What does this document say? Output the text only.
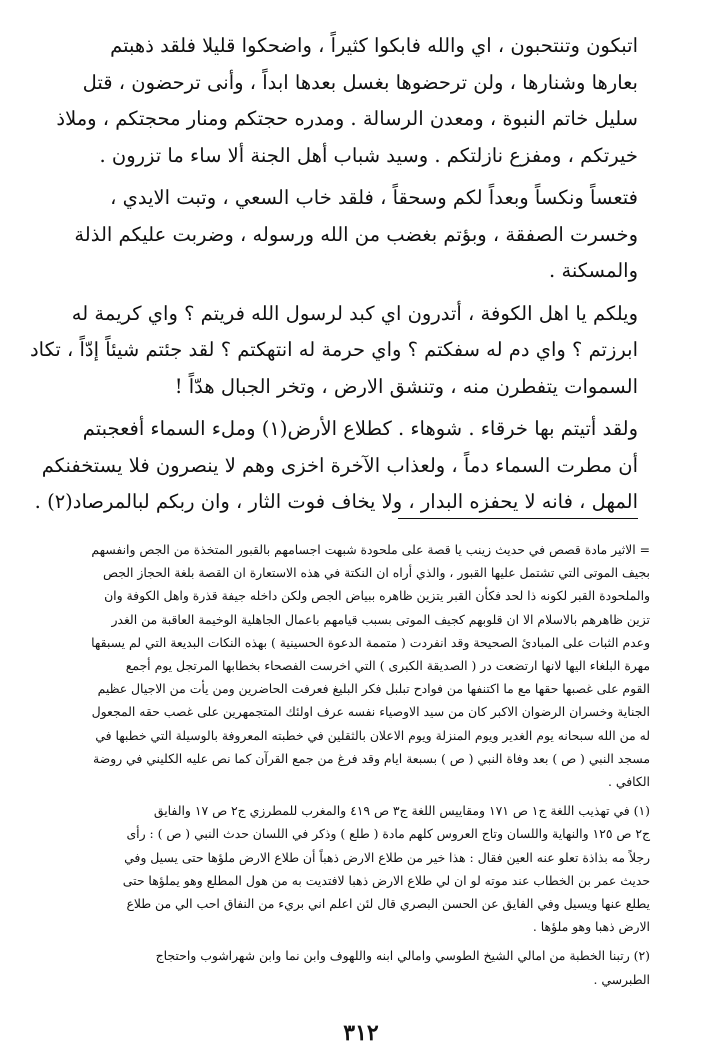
اتبكون وتنتحبون ، اي والله فابكوا كثيراً ، واضحكوا قليلا فلقد ذهبتم
بعارها وشنارها ، ولن ترحضوها بغسل بعدها ابداً ، وأنى ترحضون ، قتل
سليل خاتم النبوة ، ومعدن الرسالة . ومدره حجتكم ومنار محجتكم ، وملاذ
خيرتكم ، ومفزع نازلتكم . وسيد شباب أهل الجنة ألا ساء ما تزرون .

فتعساً ونكساً وبعداً لكم وسحقاً ، فلقد خاب السعي ، وتبت الايدي ،
وخسرت الصفقة ، وبؤتم بغضب من الله ورسوله ، وضربت عليكم الذلة
والمسكنة .

ويلكم يا اهل الكوفة ، أتدرون اي كبد لرسول الله فريتم ؟ واي كريمة له
ابرزتم ؟ واي دم له سفكتم ؟ واي حرمة له انتهكتم ؟ لقد جئتم شيئاً إدّاً ، تكاد
السموات يتفطرن منه ، وتنشق الارض ، وتخر الجبال هدّاً !

ولقد أتيتم بها خرقاء . شوهاء . كطلاع الأرض(١) وملء السماء أفعجبتم
أن مطرت السماء دماً ، ولعذاب الآخرة اخزى وهم لا ينصرون فلا يستخفنكم
المهل ، فانه لا يحفزه البدار ، ولا يخاف فوت الثار ، وان ربكم لبالمرصاد(٢) .

= الاثير مادة قصص في حديث زينب يا قصة على ملحودة شبهت اجسامهم بالقبور المتخذة من الجص وانفسهم
بجيف الموتى التي تشتمل عليها القبور ، والذي أراه ان النكتة في هذه الاستعارة ان القصة بلغة الحجاز الجص
والملحودة القبر لكونه ذا لحد فكأن القبر يتزين ظاهره ببياض الجص ولكن داخله جيفة قذرة واهل الكوفة وان
تزين ظاهرهم بالاسلام الا ان قلوبهم كجيف الموتى بسبب قيامهم باعمال الجاهلية الوخيمة العاقبة من الغدر
وعدم الثبات على المبادئ الصحيحة وقد انفردت ( متممة الدعوة الحسينية ) بهذه النكات البديعة التي لم يسبقها
مهرة البلغاء اليها لانها ارتضعت در ( الصديقة الكبرى ) التي اخرست الفصحاء بخطابها المرتجل يوم أجمع
القوم على غصبها حقها مع ما اكتنفها من فوادح تبلبل فكر البليغ فعرفت الحاضرين ومن يأت من الاجيال عظيم
الجناية وخسران الرضوان الاكبر كان من سيد الاوصياء نفسه عرف اولئك المتجمهرين على غصب حقه المجعول
له من الله سبحانه يوم الغدير ويوم المنزلة ويوم الاعلان بالثقلين في خطبته المعروفة بالوسيلة التي خطبها في
مسجد النبي ( ص ) بعد وفاة النبي ( ص ) بسبعة ايام وقد فرغ من جمع القرآن كما نص عليه الكليني في روضة
الكافي .
(١) في تهذيب اللغة ج١ ص ١٧١ ومقاييس اللغة ج٣ ص ٤١٩ والمغرب للمطرزي ج٢ ص ١٧ والفايق
ج٢ ص ١٢٥ والنهاية واللسان وتاج العروس كلهم مادة ( طلع ) وذكر في اللسان حدث النبي ( ص ) : رأى
رجلاً مه بذاذة تعلو عنه العين فقال : هذا خير من طلاع الارض ذهباً أن طلاع الارض ملؤها حتى يسيل وفي
حديث عمر بن الخطاب عند موته لو ان لي طلاع الارض ذهبا لافتديت به من هول المطلع وهو يملؤها حتى
يطلع عنها ويسيل وفي الفايق عن الحسن البصري قال لئن اعلم اني بريء من النفاق احب الي من طلاع
الارض ذهبا وهو ملؤها .
(٢) رتبنا الخطبة من امالي الشيخ الطوسي وامالي ابنه واللهوف وابن نما وابن شهراشوب واحتجاج
الطبرسي .
٣١٢
